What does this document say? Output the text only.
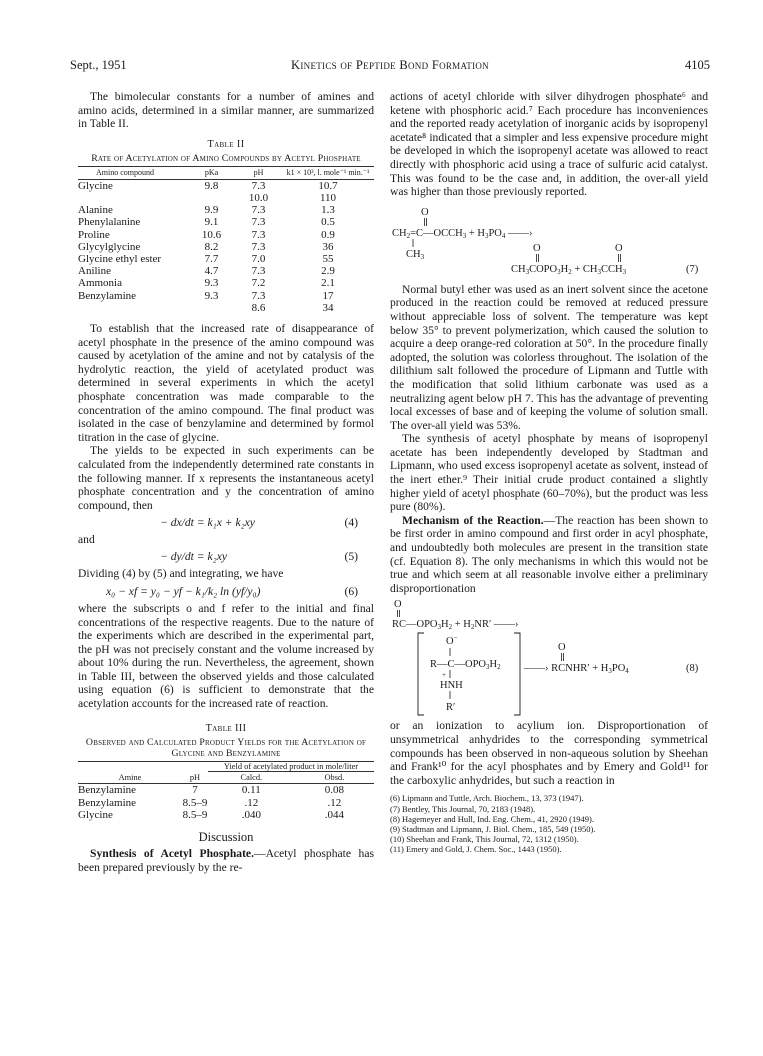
Sept., 1951	Kinetics of Peptide Bond Formation	4105

The bimolecular constants for a number of amines and amino acids, determined in a similar manner, are summarized in Table II.

Table II
Rate of Acetylation of Amino Compounds by Acetyl Phosphate
Amino compound	pKa	pH	k1 × 10³, l. mole⁻¹ min.⁻¹
Glycine	9.8	7.3	10.7
		10.0	110
Alanine	9.9	7.3	1.3
Phenylalanine	9.1	7.3	0.5
Proline	10.6	7.3	0.9
Glycylglycine	8.2	7.3	36
Glycine ethyl ester	7.7	7.0	55
Aniline	4.7	7.3	2.9
Ammonia	9.3	7.2	2.1
Benzylamine	9.3	7.3	17
		8.6	34

To establish that the increased rate of disappearance of acetyl phosphate in the presence of the amino compound was caused by acetylation of the amine and not by catalysis of the hydrolytic reaction, the yield of acetylated product was determined in several experiments in which the acetyl phosphate concentration was made comparable to the concentration of the amino compound. The final product was isolated in the case of benzylamine and determined by formol titration in the case of glycine.

The yields to be expected in such experiments can be calculated from the independently determined rate constants in the following manner. If x represents the instantaneous acetyl phosphate concentration and y the concentration of amino compound, then

− dx/dt = k₁x + k₂xy	(4)
and
− dy/dt = k₂xy	(5)

Dividing (4) by (5) and integrating, we have

x₀ − xf = y₀ − yf − k₁/k₂ ln (yf/y₀)	(6)

where the subscripts o and f refer to the initial and final concentrations of the respective reagents. Due to the nature of the experiments which are described in the experimental part, the pH was not precisely constant and the volume increased by about 10% during the run. Nevertheless, the agreement, shown in Table III, between the observed yields and those calculated using equation (6) is sufficient to demonstrate that the acetylation accounts for the increased rate of reaction.

Table III
Observed and Calculated Product Yields for the Acetylation of Glycine and Benzylamine
		Yield of acetylated product in mole/liter	
Amine	pH	Calcd.	Obsd.
Benzylamine	7	0.11	0.08
Benzylamine	8.5–9	.12	.12
Glycine	8.5–9	.040	.044
Discussion

Synthesis of Acetyl Phosphate.—Acetyl phosphate has been prepared previously by the re-

actions of acetyl chloride with silver dihydrogen phosphate⁶ and ketene with phosphoric acid.⁷ Each procedure has inconveniences and the reported ready acetylation of inorganic acids by isopropenyl acetate⁸ indicated that a simpler and less expensive procedure might be developed in which the isopropenyl acetate was allowed to react directly with phosphoric acid using a trace of sulfuric acid catalyst. This was found to be the case and, in addition, the over-all yield was higher than those previously reported.

O
CH2=C—OCCH3 + H3PO4 ——›
CH3
O	O
CH3COPO3H2 + CH3CCH3	(7)

Normal butyl ether was used as an inert solvent since the acetone produced in the reaction could be removed at reduced pressure without appreciable loss of solvent. The temperature was kept below 35° to prevent polymerization, which caused the solution to acquire a deep orange-red coloration at 50°. In the procedure finally adopted, the solution was colorless throughout. The isolation of the dilithium salt followed the procedure of Lipmann and Tuttle with the modification that solid lithium carbonate was used as a neutralizing agent below pH 7. This has the advantage of preventing local excesses of base and of keeping the volume of solution small. The over-all yield was 53%.

The synthesis of acetyl phosphate by means of isopropenyl acetate has been independently developed by Stadtman and Lipmann, who used excess isopropenyl acetate as solvent, instead of the inert ether.⁹ Their initial crude product contained a slightly higher yield of acetyl phosphate (60–70%), but the product was less pure (80%).

Mechanism of the Reaction.—The reaction has been shown to be first order in amino compound and first order in acyl phosphate, and undoubtedly both molecules are present in the transition state (cf. Equation 8). The only mechanisms in which this would not be true and which seem at all reasonable involve either a preliminary disproportionation

O
RC—OPO3H2 + H2NR′ ——›
O−
R—C—OPO3H2
+
HNH
R′
O
——› RCNHR′ + H3PO4	(8)

or an ionization to acylium ion. Disproportionation of unsymmetrical anhydrides to the corresponding symmetrical compounds has been observed in non-aqueous solution by Sheehan and Frank¹⁰ for the acyl phosphates and by Emery and Gold¹¹ for the carboxylic anhydrides, but such a reaction in

(6) Lipmann and Tuttle, Arch. Biochem., 13, 373 (1947).
(7) Bentley, This Journal, 70, 2183 (1948).
(8) Hagemeyer and Hull, Ind. Eng. Chem., 41, 2920 (1949).
(9) Stadtman and Lipmann, J. Biol. Chem., 185, 549 (1950).
(10) Sheehan and Frank, This Journal, 72, 1312 (1950).
(11) Emery and Gold, J. Chem. Soc., 1443 (1950).
